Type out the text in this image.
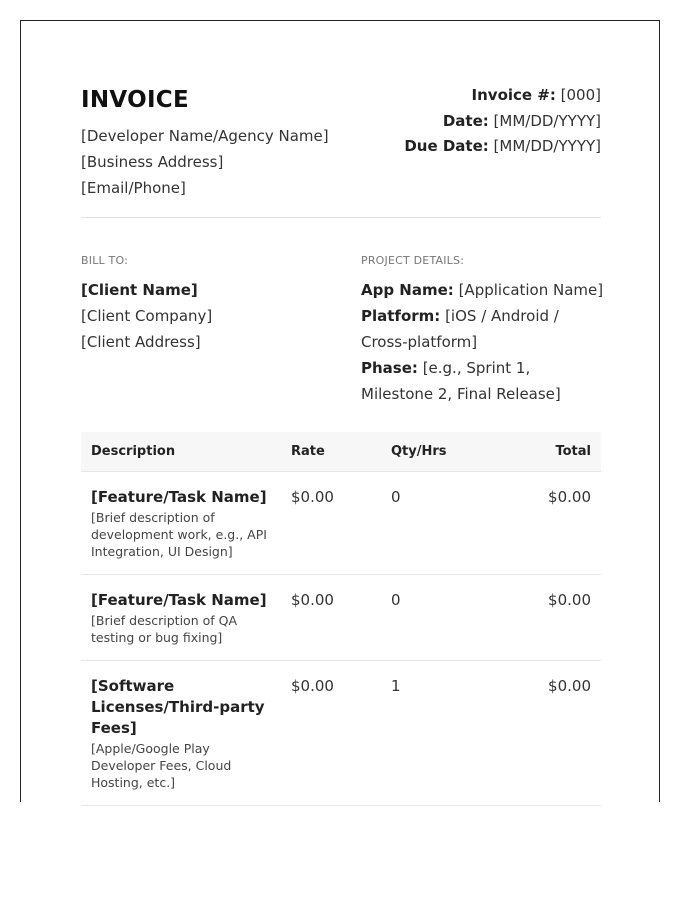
INVOICE
[Developer Name/Agency Name]
[Business Address]
[Email/Phone]
Invoice #: [000]
Date: [MM/DD/YYYY]
Due Date: [MM/DD/YYYY]
BILL TO:
[Client Name]
[Client Company]
[Client Address]
PROJECT DETAILS:
App Name: [Application Name]
Platform: [iOS / Android / Cross-platform]
Phase: [e.g., Sprint 1, Milestone 2, Final Release]
Description	Rate	Qty/Hrs	Total

[Feature/Task Name]
[Brief description of development work, e.g., API Integration, UI Design]	$0.00	0	$0.00

[Feature/Task Name]
[Brief description of QA testing or bug fixing]	$0.00	0	$0.00

[Software Licenses/Third-party Fees]
[Apple/Google Play Developer Fees, Cloud Hosting, etc.]	$0.00	1	$0.00
